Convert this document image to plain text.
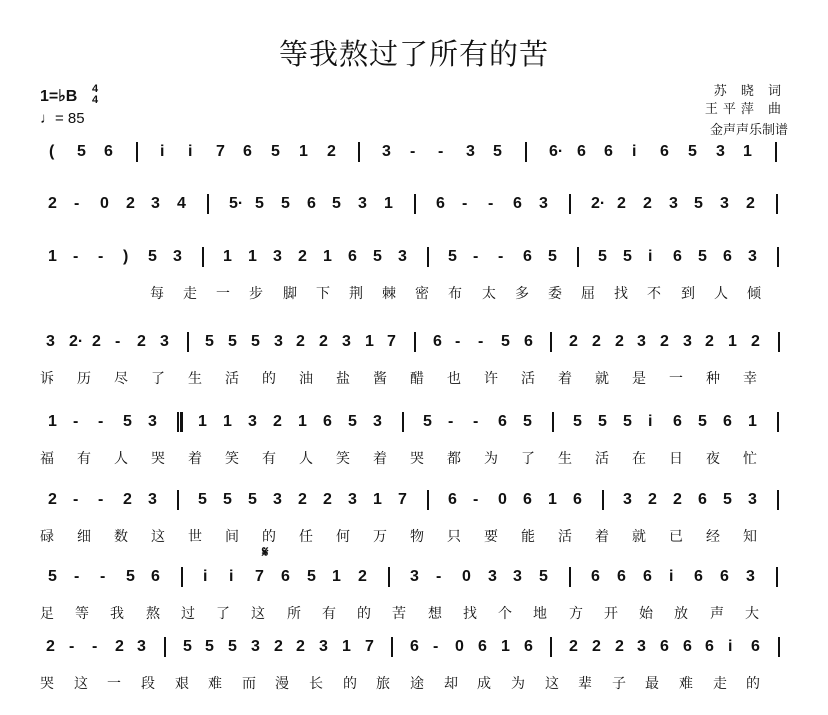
等我熬过了所有的苦
1=♭B 4
4
♩= 85
苏 晓 词
王平萍 曲
金声声乐制谱
( 5 6	i i 7 6 5 1 2	3 - - 3 5	6· 6 6 i 6 5 3 1
2 - 0 2 3 4	5· 5 5 6 5 3 1	6 - - 6 3	2· 2 2 3 5 3 2
1 - - ) 5 3	1 1 3 2 1 6 5 3	5 - - 6 5	5 5 i 6 5 6 3
每 走 一 步 脚 下 荆 棘 密 布 太 多 委 屈 找 不 到 人 倾
3 2· 2 - 2 3 5 5 5 3 2 2 3 1 7 6 - - 5 6 2 2 2 3 2 3 2 1 2
诉 历 尽 了 生 活 的 油 盐 酱 醋 也 许 活 着 就 是 一 种 幸
1 - - 5 3	1 1 3 2 1 6 5 3	5 - - 6 5	5 5 5 i 6 5 6 1
福 有 人 哭 着 笑 有 人 笑 着 哭 都 为 了 生 活 在 日 夜 忙
2 - - 2 3	5 5 5 3 2 2 3 1 7	6 - 0 6 1 6	3 2 2 6 5 3
碌 细 数 这 世 间 的 任 何 万 物 只 要 能 活 着 就 已 经 知
5 - - 5 6	i i 7 6 5 1 2	3 - 0 3 3 5	6 6 6 i 6 6 3
足 等 我 熬 过 了 这 所 有 的 苦 想 找 个 地 方 开 始 放 声 大
𝄋
2 - - 2 3 5 5 5 3 2 2 3 1 7 6 - 0 6 1 6 2 2 2 3 6 6 6 i 6
哭 这 一 段 艰 难 而 漫 长 的 旅 途 却 成 为 这 辈 子 最 难 走 的
